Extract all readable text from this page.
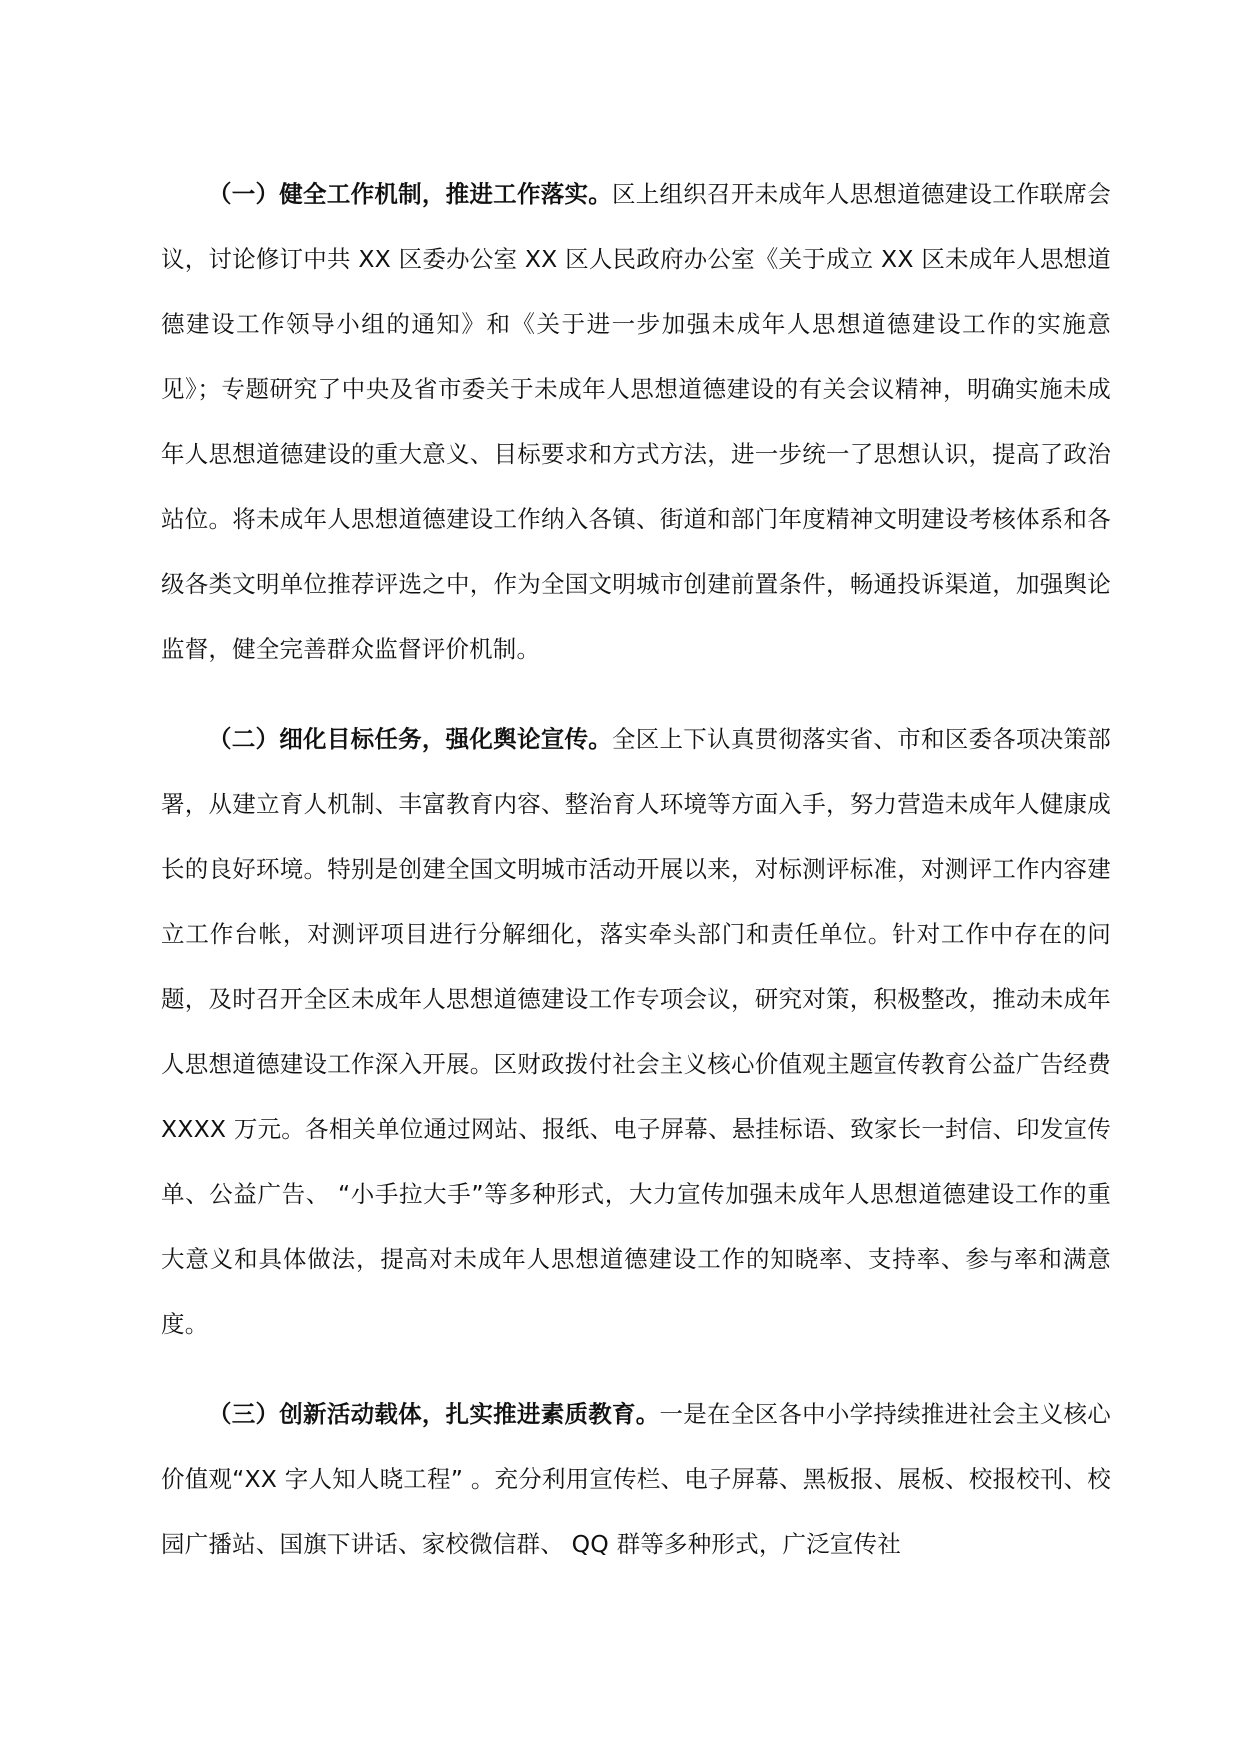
（一）健全工作机制，推进工作落实。区上组织召开未成年人思想道德建设工作联席会议，讨论修订中共 XX 区委办公室 XX 区人民政府办公室《关于成立 XX 区未成年人思想道德建设工作领导小组的通知》和《关于进一步加强未成年人思想道德建设工作的实施意见》；专题研究了中央及省市委关于未成年人思想道德建设的有关会议精神，明确实施未成年人思想道德建设的重大意义、目标要求和方式方法，进一步统一了思想认识，提高了政治站位。将未成年人思想道德建设工作纳入各镇、街道和部门年度精神文明建设考核体系和各级各类文明单位推荐评选之中，作为全国文明城市创建前置条件，畅通投诉渠道，加强舆论监督，健全完善群众监督评价机制。

（二）细化目标任务，强化舆论宣传。全区上下认真贯彻落实省、市和区委各项决策部署，从建立育人机制、丰富教育内容、整治育人环境等方面入手，努力营造未成年人健康成长的良好环境。特别是创建全国文明城市活动开展以来，对标测评标准，对测评工作内容建立工作台帐，对测评项目进行分解细化，落实牵头部门和责任单位。针对工作中存在的问题，及时召开全区未成年人思想道德建设工作专项会议，研究对策，积极整改，推动未成年人思想道德建设工作深入开展。区财政拨付社会主义核心价值观主题宣传教育公益广告经费 XXXX 万元。各相关单位通过网站、报纸、电子屏幕、悬挂标语、致家长一封信、印发宣传单、公益广告、 “小手拉大手”等多种形式，大力宣传加强未成年人思想道德建设工作的重大意义和具体做法，提高对未成年人思想道德建设工作的知晓率、支持率、参与率和满意度。

（三）创新活动载体，扎实推进素质教育。一是在全区各中小学持续推进社会主义核心价值观“XX 字人知人晓工程” 。充分利用宣传栏、电子屏幕、黑板报、展板、校报校刊、校园广播站、国旗下讲话、家校微信群、 QQ 群等多种形式，广泛宣传社
